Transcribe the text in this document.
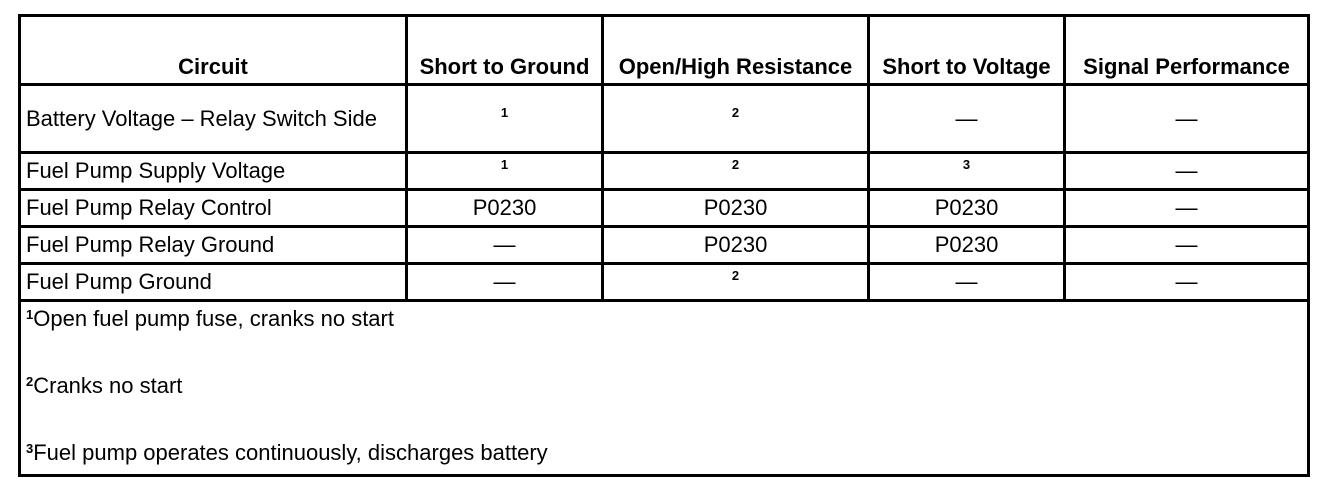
Circuit	Short to Ground	Open/High Resistance	Short to Voltage	Signal Performance
Battery Voltage – Relay Switch Side	1	2	—	—
Fuel Pump Supply Voltage	1	2	3	—
Fuel Pump Relay Control	P0230	P0230	P0230	—
Fuel Pump Relay Ground	—	P0230	P0230	—
Fuel Pump Ground	—	2	—	—

$^1$Open fuel pump fuse, cranks no start
$^2$Cranks no start
$^3$Fuel pump operates continuously, discharges battery				
